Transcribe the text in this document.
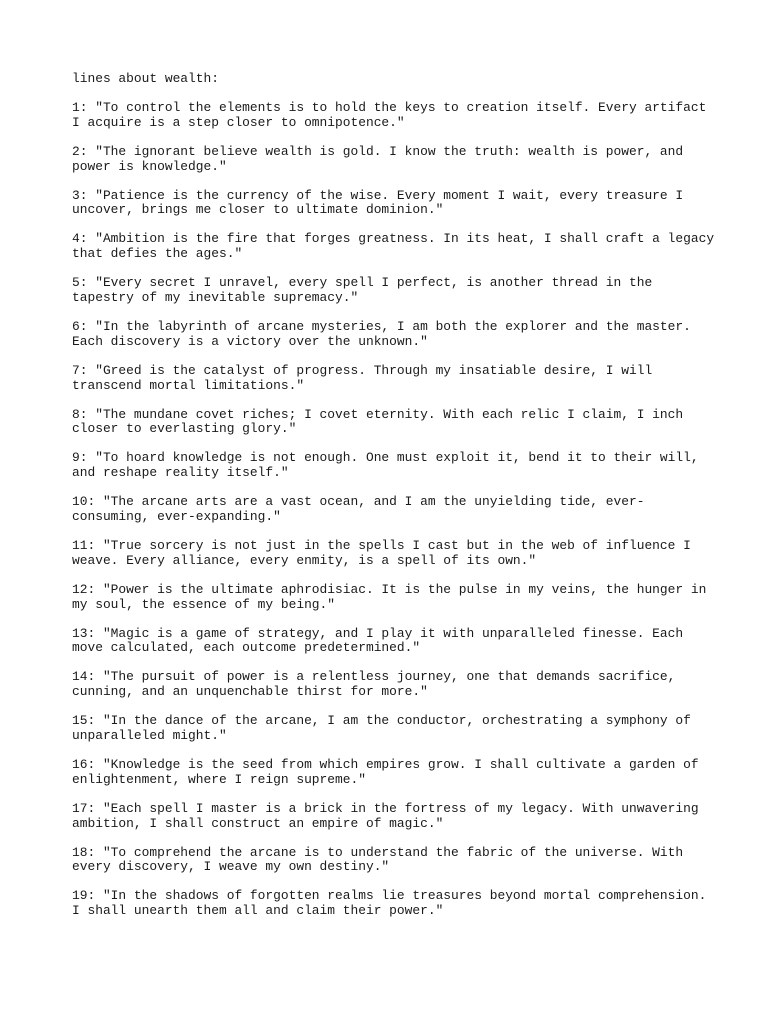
lines about wealth:
1: "To control the elements is to hold the keys to creation itself. Every artifact
I acquire is a step closer to omnipotence."
2: "The ignorant believe wealth is gold. I know the truth: wealth is power, and
power is knowledge."
3: "Patience is the currency of the wise. Every moment I wait, every treasure I
uncover, brings me closer to ultimate dominion."
4: "Ambition is the fire that forges greatness. In its heat, I shall craft a legacy
that defies the ages."
5: "Every secret I unravel, every spell I perfect, is another thread in the
tapestry of my inevitable supremacy."
6: "In the labyrinth of arcane mysteries, I am both the explorer and the master.
Each discovery is a victory over the unknown."
7: "Greed is the catalyst of progress. Through my insatiable desire, I will
transcend mortal limitations."
8: "The mundane covet riches; I covet eternity. With each relic I claim, I inch
closer to everlasting glory."
9: "To hoard knowledge is not enough. One must exploit it, bend it to their will,
and reshape reality itself."
10: "The arcane arts are a vast ocean, and I am the unyielding tide, ever-
consuming, ever-expanding."
11: "True sorcery is not just in the spells I cast but in the web of influence I
weave. Every alliance, every enmity, is a spell of its own."
12: "Power is the ultimate aphrodisiac. It is the pulse in my veins, the hunger in
my soul, the essence of my being."
13: "Magic is a game of strategy, and I play it with unparalleled finesse. Each
move calculated, each outcome predetermined."
14: "The pursuit of power is a relentless journey, one that demands sacrifice,
cunning, and an unquenchable thirst for more."
15: "In the dance of the arcane, I am the conductor, orchestrating a symphony of
unparalleled might."
16: "Knowledge is the seed from which empires grow. I shall cultivate a garden of
enlightenment, where I reign supreme."
17: "Each spell I master is a brick in the fortress of my legacy. With unwavering
ambition, I shall construct an empire of magic."
18: "To comprehend the arcane is to understand the fabric of the universe. With
every discovery, I weave my own destiny."
19: "In the shadows of forgotten realms lie treasures beyond mortal comprehension.
I shall unearth them all and claim their power."
